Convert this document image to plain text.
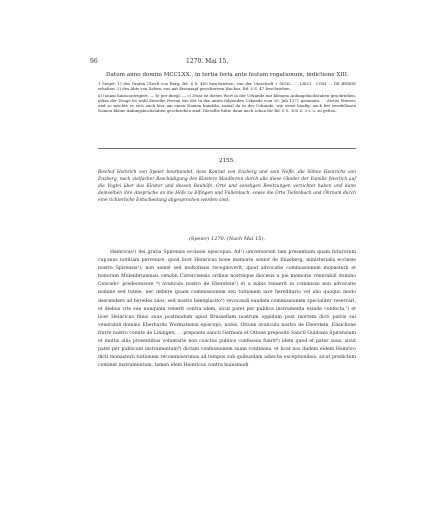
96	1270. Mai 15.
Datum anno domini MCCLXX., in tertia feria ante festum rogationum, indictione XIII.

1 Siegel: 1) des Grafen Ulrich von Berg, Bd. 6 S. 400 beschrieben, von der Umschrift † SIGIL. . . LRICI . COM . . DE BERGE erhalten. 2) des Abts von Salem, aus mit Eisenzapf gesichertem Wachse, Bd. 5 S. 47 beschrieben.

a) (unum hinzicontrigiert. — b) per dnegl. — c) Zwar ist dieses Wort in der Urkunde mit kleinem Anfangsbuchstaben geschrieben, allein der Zeuge ist wohl dieselbe Person wie der in der unten folgenden Urkunde vom 20. Juli 1271 genannte: . . dictus Sturrer, und so möchte es sich auch hier um einen Namen handeln, zumal da in der Urkunde, wie sonst häufig, auch bei zweifellosen Namen kleine Anfangsbuchstaben geschrieben sind. Dieselbe hätte dann auch schon für Bd. 6 S. 100 Z. 3 v. o. zu gelten.

2155.

Bischof Heinrich von Speier beurkundet, dass Konrad von Enzberg und sein Neffe, die Söhne Heinrichs von Enzberg, nach vielfacher Beschädigung des Klosters Maulbronn durch alle diese Glieder der Familie feierlich auf die Vogtei über das Kloster und dessen Bauhöfe, Orte und sonstigen Besitzungen verzichtet haben und dann demselben ihre Ansprüche an die Höfe zu Elfingen und Füllenbach, sowie die Orte Tiefenbach und Öhrnam durch eine richterliche Entscheidung abgesprochen worden sind.

(Speier) 1270. (Nach Mai 15).

Heinricus¹) dei gratia Spirensis ecclesie episcopus. Ad¹) universorum tam presentium quam futurorum cup:mus notitiam pervenire, quod licet Heinricus bone memorie senior de Enzeberg, ministerialis ecclesie nostre Spirensis²), non semel sed multotiens recognoverit, quod advocatie commissionem monasterii et bonorum Mulenbrunensis cenobii Cisterciensis ordinis nostreque diocesis a pie memorie venerabili domino Conrado¹ predecessore ⁴) avunculo nostro de Eberstein⁵) et a nobis tenuerit in commisso non advocatie nomine sed tutele, nec debere ipsam commissionem seu tuitionem iure hereditario vel alio quoquo modo descendere ad heredes suos, sed nostro beneplacito⁶) revocandi eandem commissionem specialiter reservari, et diebus vite sue nunquam venerit contra idem, sicut patet per publica instrumenta exinde confecta,⁷) et licet Heinricus filius suus postmodum apud Brussellam nostrum oppidum post mortem dicti patris sui venerabili domino Eberhardo Wormatiensi episcopo, nobis, Ottone avunculo nostro de Eberstein, Ensichone fratre nostro comite de Liningen, . . preposito sancti Germani et Ottone preposito Sancti Guidonis Spirensium et multis aliis presentibus voluntarie non coactus publice confessus fuerit⁸) idem quod et pater suus, sicut patet per publicum instrumentum⁹) dictam confessionem suam continens, et licet nos ibidem eidem Heinrico dicti monasterii tuitionem recommiserimus ad tempus sub quibusdam adiectis exceptionibus, sicut predictum continet instrumentum, tamen idem Heinricus contra huiusmodi
